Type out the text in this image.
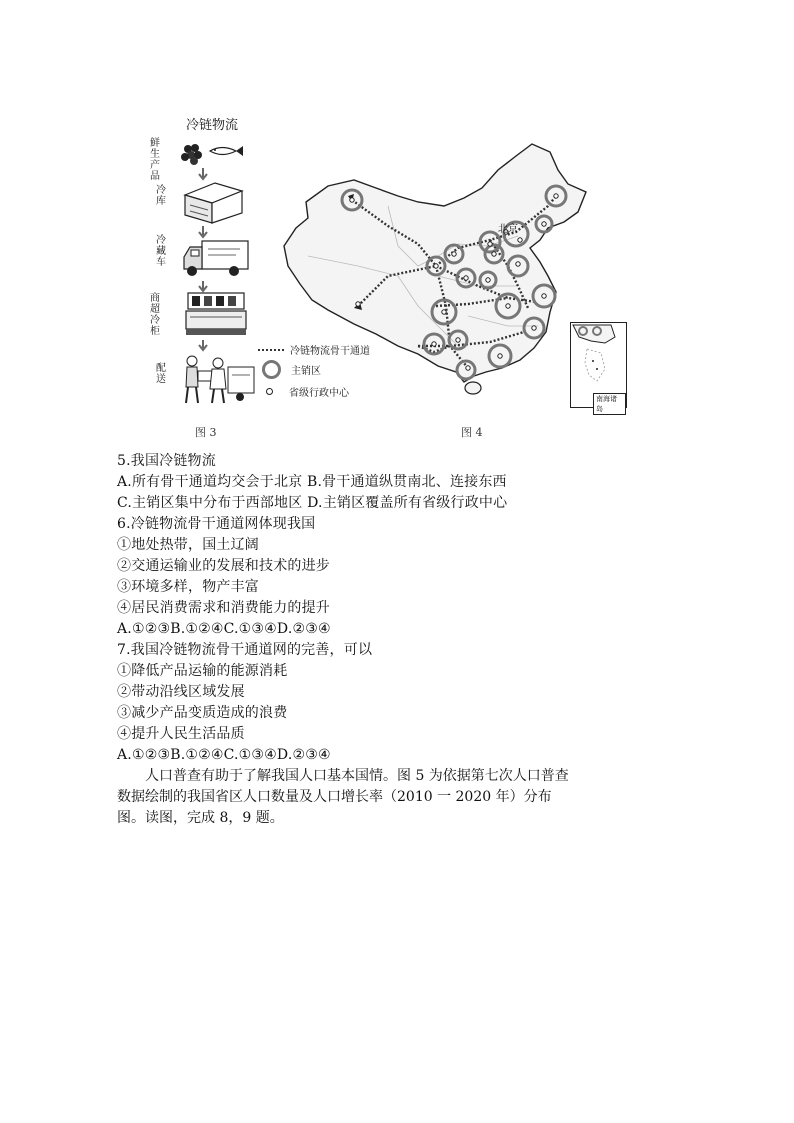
冷链物流
鲜生产品
冷库
冷藏车
商超冷柜
配送
北京
南海诸岛
冷链物流骨干通道
主销区
省级行政中心
图 3	图 4
5.我国冷链物流
A.所有骨干通道均交会于北京 B.骨干通道纵贯南北、连接东西
C.主销区集中分布于西部地区 D.主销区覆盖所有省级行政中心
6.冷链物流骨干通道网体现我国
①地处热带，国土辽阔
②交通运输业的发展和技术的进步
③环境多样，物产丰富
④居民消费需求和消费能力的提升
A.①②③B.①②④C.①③④D.②③④
7.我国冷链物流骨干通道网的完善，可以
①降低产品运输的能源消耗
②带动沿线区域发展
③减少产品变质造成的浪费
④提升人民生活品质
A.①②③B.①②④C.①③④D.②③④

人口普查有助于了解我国人口基本国情。图 5 为依据第七次人口普查数据绘制的我国省区人口数量及人口增长率（2010 一 2020 年）分布图。读图，完成 8，9 题。
